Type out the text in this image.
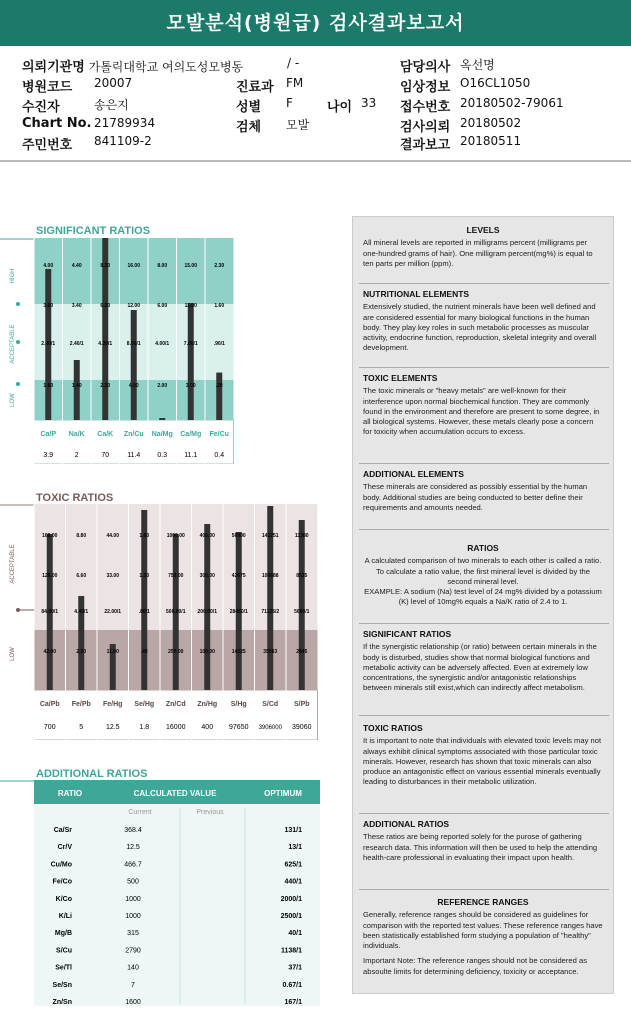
모발분석(병원급) 검사결과보고서
의뢰기관명 가톨릭대학교 여의도성모병동	/ -
병원코드 20007
수진자	송은지
Chart No. 21789934
주민번호 841109-2
진료과 FM
성별 F	나이 33
검체 모발
담당의사 옥선명
임상정보 O16CL1050
접수번호 20180502-79061
검사의뢰 20180502
결과보고 20180511
SIGNIFICANT RATIOS
HIGH
ACCEPTABLE
LOW
4.00
3.60
2.40/1
1.60
Ca/P
3.9
4.40
3.40
2.40/1
1.40
Na/K
2
8.20
6.20
4.20/1
2.20
Ca/K
70
16.00
12.00
8.00/1
4.00
Zn/Cu
11.4
8.00
6.00
4.00/1
2.00
Na/Mg
0.3
15.00
11.00
7.00/1
3.00
Ca/Mg
11.1
2.30
1.60
.90/1
.20
Fe/Cu
0.4
TOXIC RATIOS
ACCEPTABLE
LOW
168.00
126.00
84.00/1
42.00
Ca/Pb
700
8.80
6.60
4.40/1
2.20
Fe/Pb
5
44.00
33.00
22.00/1
11.00
Fe/Hg
12.5
1.60
1.20
.80/1
.40
Se/Hg
1.8
1000.00
750.00
500.00/1
250.00
Zn/Cd
16000
400.00
300.00
200.00/1
100.00
Zn/Hg
400
56900
42675
28450/1
14225
S/Hg
97650
142251
106688
71126/2
35563
S/Cd
3906000
11380
8535
5690/1
2845
S/Pb
39060
ADDITIONAL RATIOS
RATIO	CALCULATED VALUE	OPTIMUM
Current	Previous
Ca/Sr	368.4	131/1
Cr/V	12.5	13/1
Cu/Mo	466.7	625/1
Fe/Co	500	440/1
K/Co	1000	2000/1
K/Li	1000	2500/1
Mg/B	315	40/1
S/Cu	2790	1138/1
Se/Tl	140	37/1
Se/Sn	7	0.67/1
Zn/Sn	1600	167/1
LEVELS
All mineral levels are reported in milligrams percent (milligrams per one-hundred grams of hair). One milligram percent(mg%) is equal to ten parts per million (ppm).
NUTRITIONAL ELEMENTS
Extensively studied, the nutrient minerals have been well defined and are considered essential for many biological functions in the human body. They play key roles in such metabolic processes as muscular activity, endocrine function, reproduction, skeletal integrity and overall development.
TOXIC ELEMENTS
The toxic minerals or "heavy metals" are well-known for their interference upon normal biochemical function. They are commonly found in the environment and therefore are present to some degree, in all biological systems. However, these metals clearly pose a concern for toxicity when accumulation occurs to excess.
ADDITIONAL ELEMENTS
These minerals are considered as possibly essential by the human body. Additional studies are being conducted to better define their requirements and amounts needed.
RATIOS
A calculated comparison of two minerals to each other is called a ratio. To calculate a ratio value, the first mineral level is divided by the second mineral level.
EXAMPLE: A sodium (Na) test level of 24 mg% divided by a potassium (K) level of 10mg% equals a Na/K ratio of 2.4 to 1.
SIGNIFICANT RATIOS
If the synergistic relationship (or ratio) between certain minerals in the body is disturbed, studies show that normal biological functions and metabolic activity can be adversely affected. Even at extremely low concentrations, the synergistic and/or antagonistic relationships between minerals still exist,which can indirectly affect metabolism.
TOXIC RATIOS
It is important to note that individuals with elevated toxic levels may not always exhibit clinical symptoms associated with those particular toxic minerals. However, research has shown that toxic minerals can also produce an antagonistic effect on various essential minerals eventually leading to disturbances in their metabolic utilization.
ADDITIONAL RATIOS
These ratios are being reported solely for the purose of gathering research data. This information will then be used to help the attending health-care professional in evaluating their impact upon health.
REFERENCE RANGES
Generally, reference ranges should be considered as guidelines for comparison with the reported test values. These reference ranges have been statistically established form studying a population of "healthy" individuals.
Important Note: The reference ranges should not be considered as absoulte limits for determining deficiency, toxicity or acceptance.
